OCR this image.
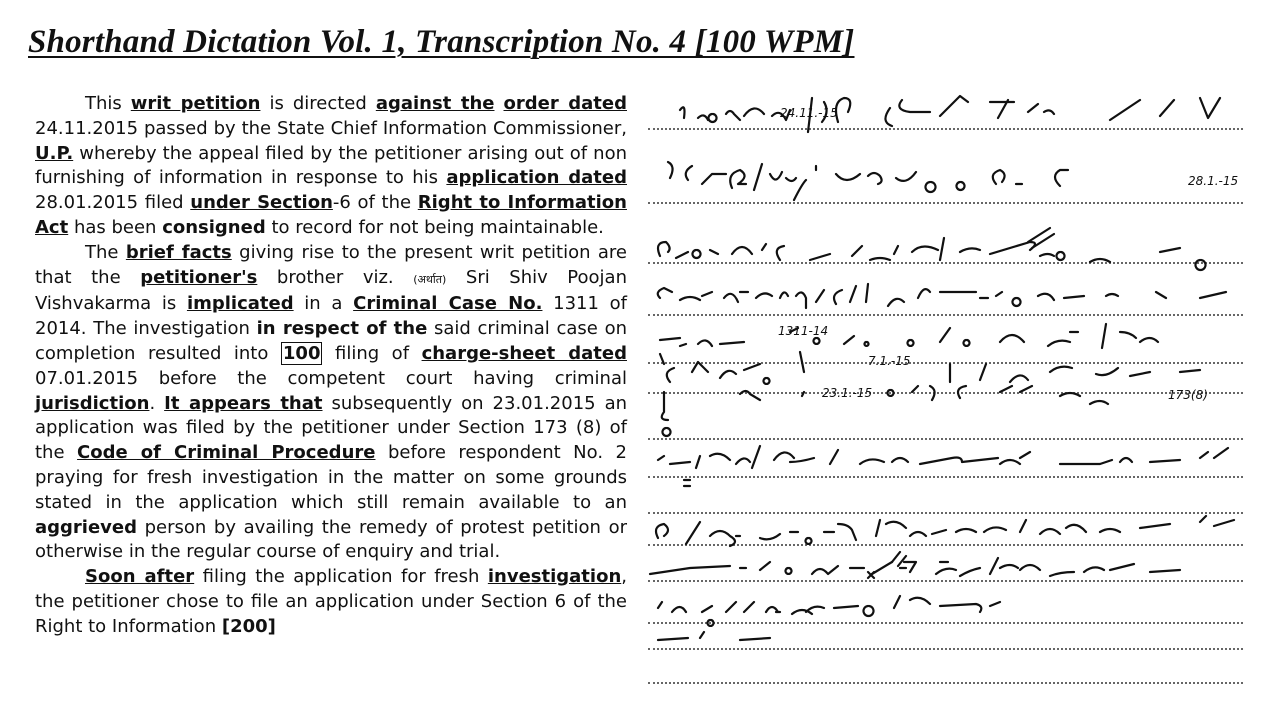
Shorthand Dictation Vol. 1, Transcription No. 4 [100 WPM]

This writ petition is directed against the order dated 24.11.2015 passed by the State Chief Information Commissioner, U.P. whereby the appeal filed by the petitioner arising out of non furnishing of information in response to his application dated 28.01.2015 filed under Section-6 of the Right to Information Act has been consigned to record for not being maintainable.

The brief facts giving rise to the present writ petition are that the petitioner's brother viz. (अर्थात) Sri Shiv Poojan Vishvakarma is implicated in a Criminal Case No. 1311 of 2014. The investigation in respect of the said criminal case on completion resulted into 100 filing of charge-sheet dated 07.01.2015 before the competent court having criminal jurisdiction. It appears that subsequently on 23.01.2015 an application was filed by the petitioner under Section 173 (8) of the Code of Criminal Procedure before respondent No. 2 praying for fresh investigation in the matter on some grounds stated in the application which still remain available to an aggrieved person by availing the remedy of protest petition or otherwise in the regular course of enquiry and trial.

Soon after filing the application for fresh investigation, the petitioner chose to file an application under Section 6 of the Right to Information [200]

24.11.-15
28.1.-15
1311-14
7.1.-15
23.1.-15	173(8)
